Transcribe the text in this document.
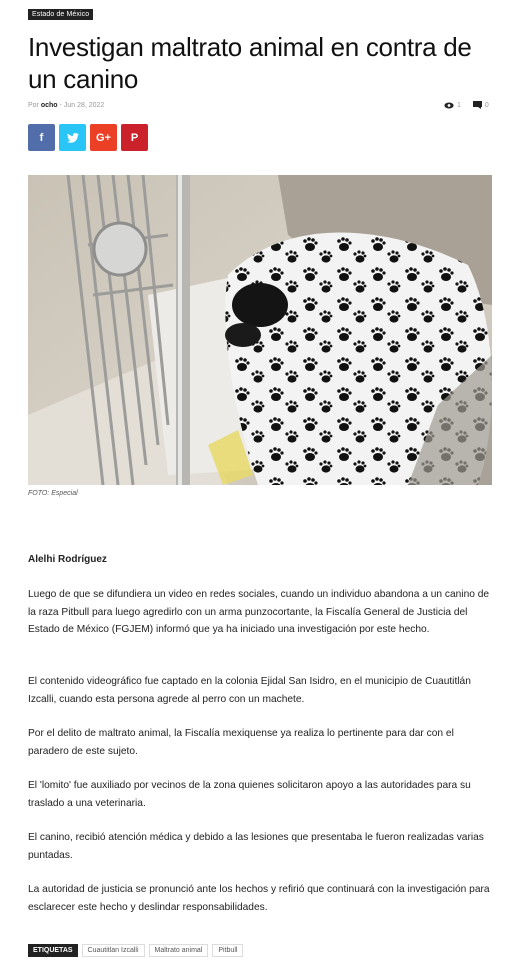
Estado de México
Investigan maltrato animal en contra de un canino
Por ocho - Jun 28, 2022	1	0
f	G+ P
FOTO: Especial
Alelhi Rodríguez

Luego de que se difundiera un video en redes sociales, cuando un individuo abandona a un canino de la raza Pitbull para luego agredirlo con un arma punzocortante, la Fiscalía General de Justicia del Estado de México (FGJEM) informó que ya ha iniciado una investigación por este hecho.

El contenido videográfico fue captado en la colonia Ejidal San Isidro, en el municipio de Cuautitlán Izcalli, cuando esta persona agrede al perro con un machete.

Por el delito de maltrato animal, la Fiscalía mexiquense ya realiza lo pertinente para dar con el paradero de este sujeto.

El 'lomito' fue auxiliado por vecinos de la zona quienes solicitaron apoyo a las autoridades para su traslado a una veterinaria.

El canino, recibió atención médica y debido a las lesiones que presentaba le fueron realizadas varias puntadas.

La autoridad de justicia se pronunció ante los hechos y refirió que continuará con la investigación para esclarecer este hecho y deslindar responsabilidades.

ETIQUETAS	Cuautitlan Izcalli	Maltrato animal	Pitbull
